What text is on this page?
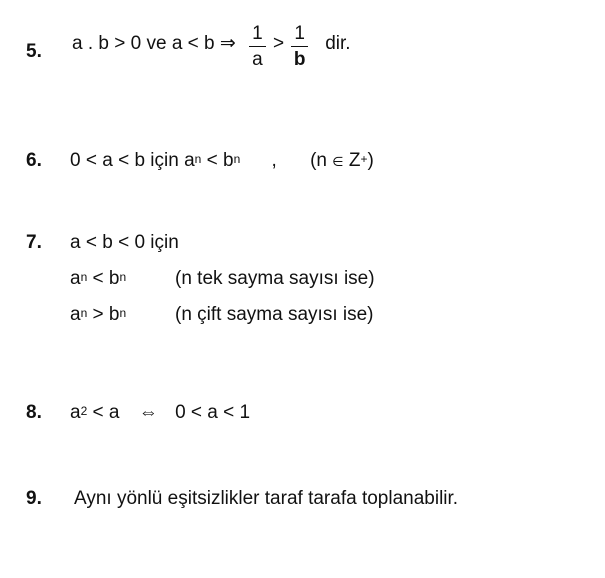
5. a . b > 0 ve a < b ⇒ $\frac{1}{a} > \frac{1}{b}$ dir.
6. 0 < a < b için $a^n < b^n$ , (n ∈ Z+)
7. a < b < 0 için
$a^n < b^n$	(n tek sayma sayısı ise)
$a^n > b^n$	(n çift sayma sayısı ise)
8. $a^2 < a$ ⇔ 0 < a < 1
9. Aynı yönlü eşitsizlikler taraf tarafa toplanabilir.
